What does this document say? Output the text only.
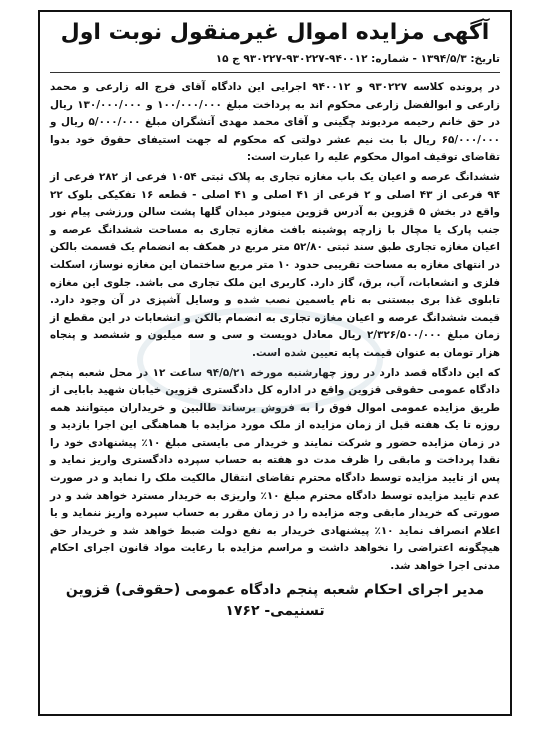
آگهی مزایده اموال غیرمنقول نوبت اول
تاریخ: ۱۳۹۴/۵/۳ - شماره: ۹۴۰۰۱۲-۹۳۰۲۲۷-۹۳۰۲۲۷ ج ۱۵

در پرونده کلاسه ۹۳۰۲۲۷ و ۹۴۰۰۱۲ اجرایی این دادگاه آقای فرج اله زارعی و محمد زارعی و ابوالفضل زارعی محکوم اند به پرداخت مبلغ ۱۰۰/۰۰۰/۰۰۰ و ۱۳۰/۰۰۰/۰۰۰ ریال در حق خانم رحیمه مردیوند چگینی و آقای محمد مهدی آتشگران مبلغ ۵/۰۰۰/۰۰۰ ریال و ۶۵/۰۰۰/۰۰۰ ریال با بت نیم عشر دولتی که محکوم له جهت استیفای حقوق خود بدوا تقاضای توقیف اموال محکوم علیه را عبارت است:

ششدانگ عرصه و اعیان یک باب مغازه تجاری به پلاک ثبتی ۱۰۵۴ فرعی از ۲۸۲ فرعی از ۹۴ فرعی از ۴۳ اصلی و ۲ فرعی از ۴۱ اصلی و ۴۱ اصلی - قطعه ۱۶ تفکیکی بلوک ۲۲ واقع در بخش ۵ قزوین به آدرس قزوین مینودر میدان گلها پشت سالن ورزشی پیام نور جنب پارک یا مچال با زارچه پوشینه بافت مغازه تجاری به مساحت ششدانگ عرصه و اعیان مغازه تجاری طبق سند ثبتی ۵۲/۸۰ متر مربع در همکف به انضمام یک قسمت بالکن در انتهای مغازه به مساحت تقریبی حدود ۱۰ متر مربع ساختمان این مغازه نوساز، اسکلت فلزی و انشعابات، آب، برق، گاز دارد. کاربری این ملک تجاری می باشد. جلوی این مغازه تابلوی غذا بری ببستنی به نام یاسمین نصب شده و وسایل آشپزی در آن وجود دارد. قیمت ششدانگ عرصه و اعیان مغازه تجاری به انضمام بالکن و انشعابات در این مقطع از زمان مبلغ ۲/۳۲۶/۵۰۰/۰۰۰ ریال معادل دویست و سی و سه میلیون و ششصد و پنجاه هزار تومان به عنوان قیمت پایه تعیین شده است.

که این دادگاه قصد دارد در روز چهارشنبه مورخه ۹۴/۵/۲۱ ساعت ۱۲ در محل شعبه پنجم دادگاه عمومی حقوقی قزوین واقع در اداره کل دادگستری قزوین خیابان شهید بابایی از طریق مزایده عمومی اموال فوق را به فروش برساند طالبین و خریداران میتوانند همه روزه تا یک هفته قبل از زمان مزایده از ملک مورد مزایده با هماهنگی این اجرا بازدید و در زمان مزایده حضور و شرکت نمایند و خریدار می بایستی مبلغ ۱۰٪ پیشنهادی خود را نقدا پرداخت و مابقی را ظرف مدت دو هفته به حساب سپرده دادگستری واریز نماید و پس از تایید مزایده توسط دادگاه محترم تقاضای انتقال مالکیت ملک را نماید و در صورت عدم تایید مزایده توسط دادگاه محترم مبلغ ۱۰٪ واریزی به خریدار مسترد خواهد شد و در صورتی که خریدار مابقی وجه مزایده را در زمان مقرر به حساب سپرده واریز ننماید و یا اعلام انصراف نماید ۱۰٪ پیشنهادی خریدار به نفع دولت ضبط خواهد شد و خریدار حق هیچگونه اعتراضی را نخواهد داشت و مراسم مزایده با رعایت مواد قانون اجرای احکام مدنی اجرا خواهد شد.

مدیر اجرای احکام شعبه پنجم دادگاه عمومی (حقوقی) قزوین
تسنیمی- ۱۷۶۲
